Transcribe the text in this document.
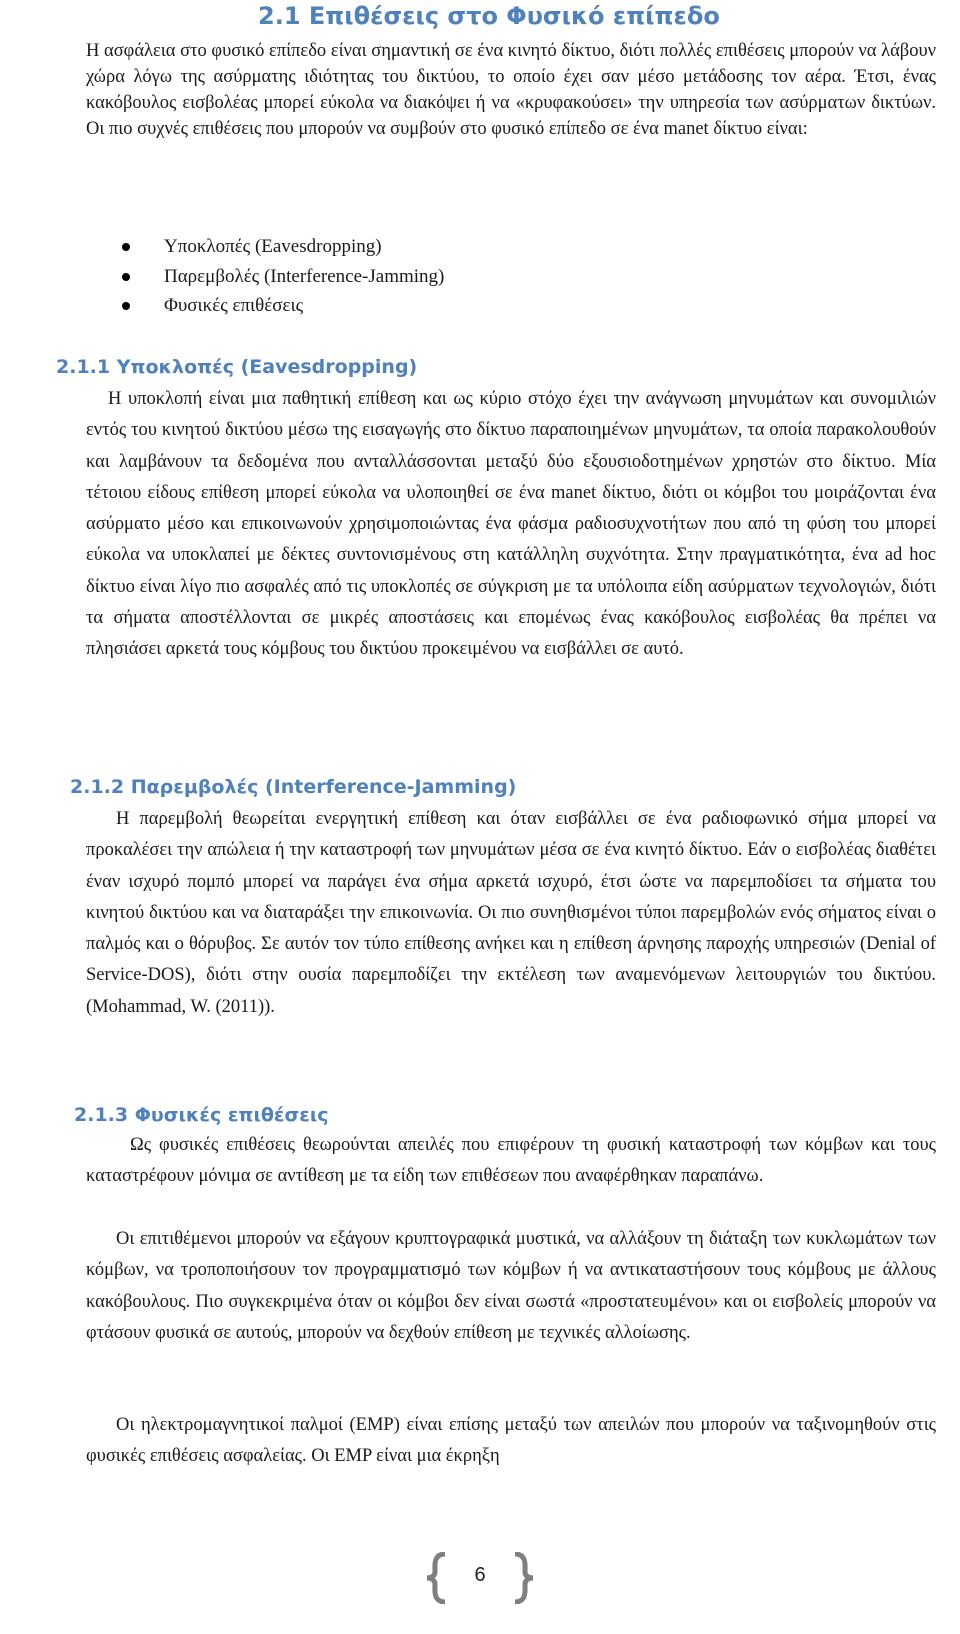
2.1 Επιθέσεις στο Φυσικό επίπεδο

Η ασφάλεια στο φυσικό επίπεδο είναι σημαντική σε ένα κινητό δίκτυο, διότι πολλές επιθέσεις μπορούν να λάβουν χώρα λόγω της ασύρματης ιδιότητας του δικτύου, το οποίο έχει σαν μέσο μετάδοσης τον αέρα. Έτσι, ένας κακόβουλος εισβολέας μπορεί εύκολα να διακόψει ή να «κρυφακούσει» την υπηρεσία των ασύρματων δικτύων. Οι πιο συχνές επιθέσεις που μπορούν να συμβούν στο φυσικό επίπεδο σε ένα manet δίκτυο είναι:

Υποκλοπές (Eavesdropping)
Παρεμβολές (Interference-Jamming)
Φυσικές επιθέσεις
2.1.1 Υποκλοπές (Eavesdropping)

Η υποκλοπή είναι μια παθητική επίθεση και ως κύριο στόχο έχει την ανάγνωση μηνυμάτων και συνομιλιών εντός του κινητού δικτύου μέσω της εισαγωγής στο δίκτυο παραποιημένων μηνυμάτων, τα οποία παρακολουθούν και λαμβάνουν τα δεδομένα που ανταλλάσσονται μεταξύ δύο εξουσιοδοτημένων χρηστών στο δίκτυο. Μία τέτοιου είδους επίθεση μπορεί εύκολα να υλοποιηθεί σε ένα manet δίκτυο, διότι οι κόμβοι του μοιράζονται ένα ασύρματο μέσο και επικοινωνούν χρησιμοποιώντας ένα φάσμα ραδιοσυχνοτήτων που από τη φύση του μπορεί εύκολα να υποκλαπεί με δέκτες συντονισμένους στη κατάλληλη συχνότητα. Στην πραγματικότητα, ένα ad hoc δίκτυο είναι λίγο πιο ασφαλές από τις υποκλοπές σε σύγκριση με τα υπόλοιπα είδη ασύρματων τεχνολογιών, διότι τα σήματα αποστέλλονται σε μικρές αποστάσεις και επομένως ένας κακόβουλος εισβολέας θα πρέπει να πλησιάσει αρκετά τους κόμβους του δικτύου προκειμένου να εισβάλλει σε αυτό.

2.1.2 Παρεμβολές (Interference-Jamming)

Η παρεμβολή θεωρείται ενεργητική επίθεση και όταν εισβάλλει σε ένα ραδιοφωνικό σήμα μπορεί να προκαλέσει την απώλεια ή την καταστροφή των μηνυμάτων μέσα σε ένα κινητό δίκτυο. Εάν ο εισβολέας διαθέτει έναν ισχυρό πομπό μπορεί να παράγει ένα σήμα αρκετά ισχυρό, έτσι ώστε να παρεμποδίσει τα σήματα του κινητού δικτύου και να διαταράξει την επικοινωνία. Οι πιο συνηθισμένοι τύποι παρεμβολών ενός σήματος είναι ο παλμός και ο θόρυβος. Σε αυτόν τον τύπο επίθεσης ανήκει και η επίθεση άρνησης παροχής υπηρεσιών (Denial of Service-DOS), διότι στην ουσία παρεμποδίζει την εκτέλεση των αναμενόμενων λειτουργιών του δικτύου. (Mohammad, W. (2011)).

2.1.3 Φυσικές επιθέσεις

Ως φυσικές επιθέσεις θεωρούνται απειλές που επιφέρουν τη φυσική καταστροφή των κόμβων και τους καταστρέφουν μόνιμα σε αντίθεση με τα είδη των επιθέσεων που αναφέρθηκαν παραπάνω.

Οι επιτιθέμενοι μπορούν να εξάγουν κρυπτογραφικά μυστικά, να αλλάξουν τη διάταξη των κυκλωμάτων των κόμβων, να τροποποιήσουν τον προγραμματισμό των κόμβων ή να αντικαταστήσουν τους κόμβους με άλλους κακόβουλους. Πιο συγκεκριμένα όταν οι κόμβοι δεν είναι σωστά «προστατευμένοι» και οι εισβολείς μπορούν να φτάσουν φυσικά σε αυτούς, μπορούν να δεχθούν επίθεση με τεχνικές αλλοίωσης.

Οι ηλεκτρομαγνητικοί παλμοί (EMP) είναι επίσης μεταξύ των απειλών που μπορούν να ταξινομηθούν στις φυσικές επιθέσεις ασφαλείας. Οι EMP είναι μια έκρηξη

6
